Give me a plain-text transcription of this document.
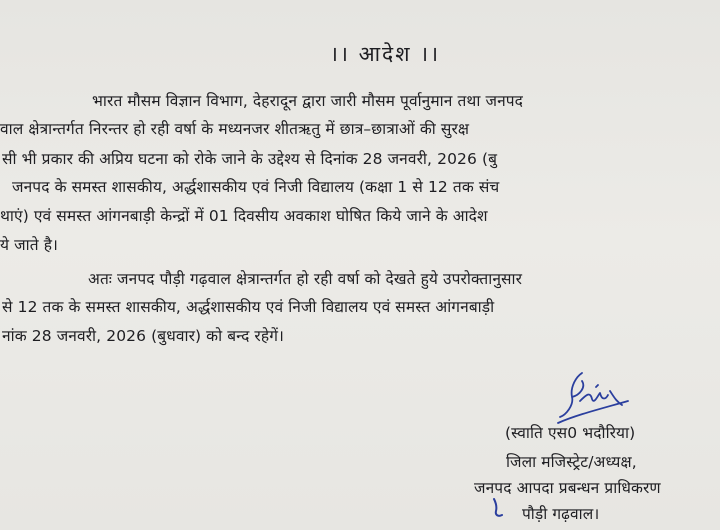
।। आदेश ।।
भारत मौसम विज्ञान विभाग, देहरादून द्वारा जारी मौसम पूर्वानुमान तथा जनपद
वाल क्षेत्रान्तर्गत निरन्तर हो रही वर्षा के मध्यनजर शीतऋतु में छात्र–छात्राओं की सुरक्ष
सी भी प्रकार की अप्रिय घटना को रोके जाने के उद्देश्य से दिनांक 28 जनवरी, 2026 (बु
जनपद के समस्त शासकीय, अर्द्धशासकीय एवं निजी विद्यालय (कक्षा 1 से 12 तक संच
थाएं) एवं समस्त आंगनबाड़ी केन्द्रों में 01 दिवसीय अवकाश घोषित किये जाने के आदेश
ये जाते है।
अतः जनपद पौड़ी गढ़वाल क्षेत्रान्तर्गत हो रही वर्षा को देखते हुये उपरोक्तानुसार
से 12 तक के समस्त शासकीय, अर्द्धशासकीय एवं निजी विद्यालय एवं समस्त आंगनबाड़ी
नांक 28 जनवरी, 2026 (बुधवार) को बन्द रहेगें।
(स्वाति एस0 भदौरिया)
जिला मजिस्ट्रेट/अध्यक्ष,
जनपद आपदा प्रबन्धन प्राधिकरण
पौड़ी गढ़वाल।
